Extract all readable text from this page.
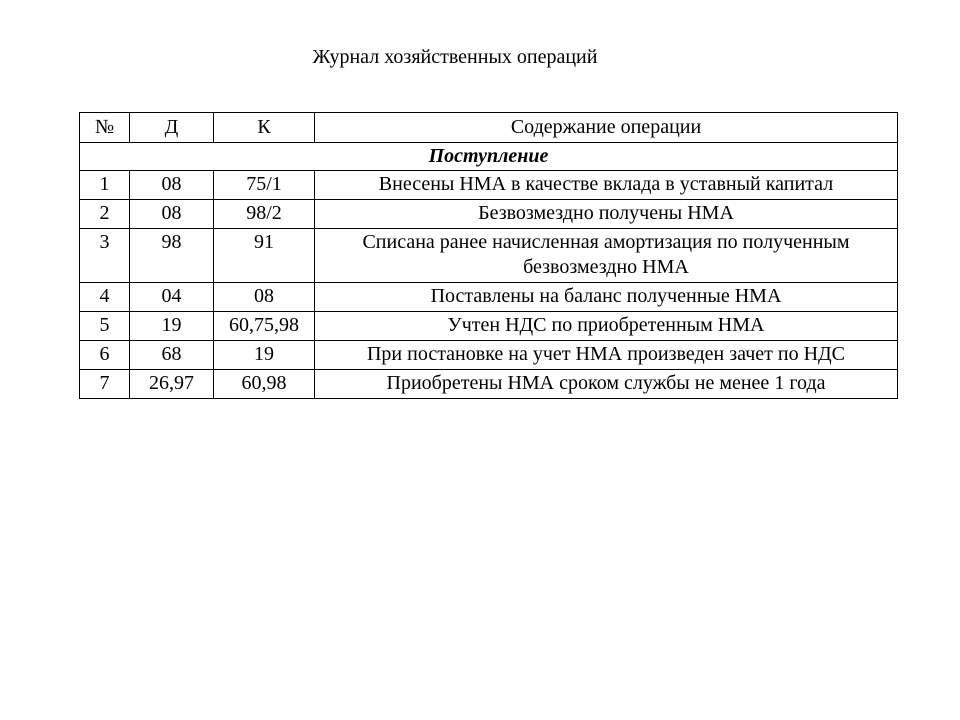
Журнал хозяйственных операций
№	Д	К	Содержание операции
Поступление			
1	08	75/1	Внесены НМА в качестве вклада в уставный капитал
2	08	98/2	Безвозмездно получены НМА
3	98	91	Списана ранее начисленная амортизация по полученным безвозмездно НМА
4	04	08	Поставлены на баланс полученные НМА
5	19	60,75,98	Учтен НДС по приобретенным НМА
6	68	19	При постановке на учет НМА произведен зачет по НДС
7	26,97	60,98	Приобретены НМА сроком службы не менее 1 года
